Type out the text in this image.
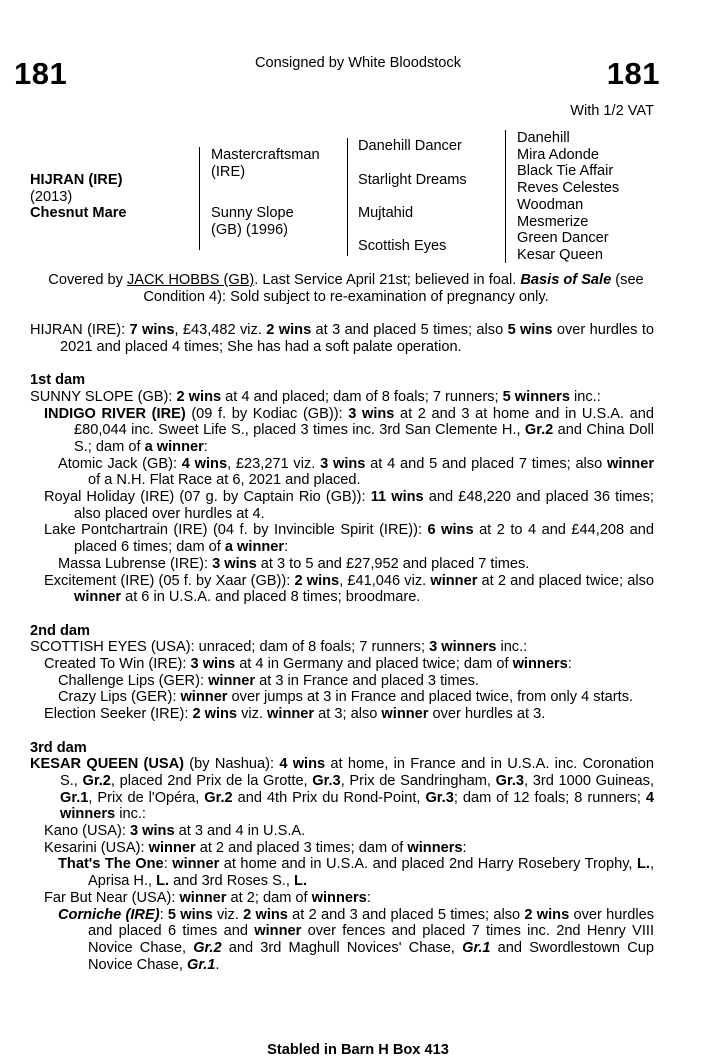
181	Consigned by White Bloodstock	181
With 1/2 VAT
HIJRAN (IRE)
(2013)
Chesnut Mare
Mastercraftsman (IRE)
Sunny Slope (GB) (1996)
Danehill Dancer
Starlight Dreams
Mujtahid
Scottish Eyes
Danehill
Mira Adonde
Black Tie Affair
Reves Celestes
Woodman
Mesmerize
Green Dancer
Kesar Queen
Covered by JACK HOBBS (GB). Last Service April 21st; believed in foal. Basis of Sale (see Condition 4): Sold subject to re-examination of pregnancy only.

HIJRAN (IRE): 7 wins, £43,482 viz. 2 wins at 3 and placed 5 times; also 5 wins over hurdles to 2021 and placed 4 times; She has had a soft palate operation.

1st dam

SUNNY SLOPE (GB): 2 wins at 4 and placed; dam of 8 foals; 7 runners; 5 winners inc.:

INDIGO RIVER (IRE) (09 f. by Kodiac (GB)): 3 wins at 2 and 3 at home and in U.S.A. and £80,044 inc. Sweet Life S., placed 3 times inc. 3rd San Clemente H., Gr.2 and China Doll S.; dam of a winner:

Atomic Jack (GB): 4 wins, £23,271 viz. 3 wins at 4 and 5 and placed 7 times; also winner of a N.H. Flat Race at 6, 2021 and placed.

Royal Holiday (IRE) (07 g. by Captain Rio (GB)): 11 wins and £48,220 and placed 36 times; also placed over hurdles at 4.

Lake Pontchartrain (IRE) (04 f. by Invincible Spirit (IRE)): 6 wins at 2 to 4 and £44,208 and placed 6 times; dam of a winner:

Massa Lubrense (IRE): 3 wins at 3 to 5 and £27,952 and placed 7 times.

Excitement (IRE) (05 f. by Xaar (GB)): 2 wins, £41,046 viz. winner at 2 and placed twice; also winner at 6 in U.S.A. and placed 8 times; broodmare.

2nd dam

SCOTTISH EYES (USA): unraced; dam of 8 foals; 7 runners; 3 winners inc.:

Created To Win (IRE): 3 wins at 4 in Germany and placed twice; dam of winners:

Challenge Lips (GER): winner at 3 in France and placed 3 times.

Crazy Lips (GER): winner over jumps at 3 in France and placed twice, from only 4 starts.

Election Seeker (IRE): 2 wins viz. winner at 3; also winner over hurdles at 3.

3rd dam

KESAR QUEEN (USA) (by Nashua): 4 wins at home, in France and in U.S.A. inc. Coronation S., Gr.2, placed 2nd Prix de la Grotte, Gr.3, Prix de Sandringham, Gr.3, 3rd 1000 Guineas, Gr.1, Prix de l'Opéra, Gr.2 and 4th Prix du Rond-Point, Gr.3; dam of 12 foals; 8 runners; 4 winners inc.:

Kano (USA): 3 wins at 3 and 4 in U.S.A.

Kesarini (USA): winner at 2 and placed 3 times; dam of winners:

That's The One: winner at home and in U.S.A. and placed 2nd Harry Rosebery Trophy, L., Aprisa H., L. and 3rd Roses S., L.

Far But Near (USA): winner at 2; dam of winners:

Corniche (IRE): 5 wins viz. 2 wins at 2 and 3 and placed 5 times; also 2 wins over hurdles and placed 6 times and winner over fences and placed 7 times inc. 2nd Henry VIII Novice Chase, Gr.2 and 3rd Maghull Novices' Chase, Gr.1 and Swordlestown Cup Novice Chase, Gr.1.

Stabled in Barn H Box 413
